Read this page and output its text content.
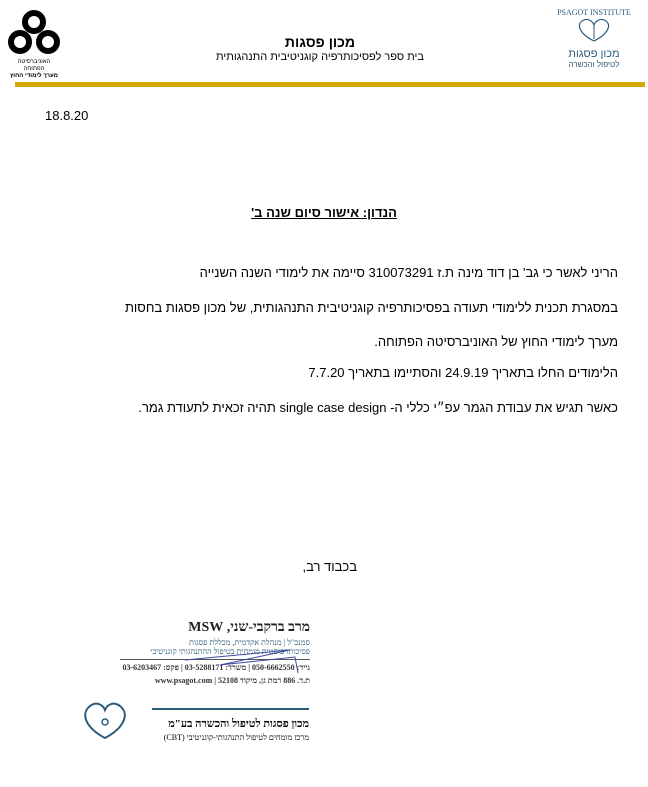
האוניברסיטה הפתוחה
מערך לימודי החוץ
מכון פסגות
בית ספר לפסיכותרפיה קוגניטיבית התנהגותית
PSAGOT INSTITUTE
מכון פסגות
לטיפול והכשרה
18.8.20
הנדון: אישור סיום שנה ב'
הריני לאשר כי גב' בן דוד מינה ת.ז 310073291 סיימה את לימודי השנה השנייה
במסגרת תכנית ללימודי תעודה בפסיכותרפיה קוגניטיבית התנהגותית, של מכון פסגות בחסות
מערך לימודי החוץ של האוניברסיטה הפתוחה.
הלימודים החלו בתאריך 24.9.19 והסתיימו בתאריך 7.7.20
כאשר תגיש את עבודת הגמר עפ״י כללי ה- single case design תהיה זכאית לתעודת גמר.
בכבוד רב,
מרב ברקבי-שני, MSW
סמנכ"ל | מנהלת אקדמית, מכללת פסגות
פסיכותרפיסטית מומחית בטיפול ההתנהגותי קוגניטיבי
נייד: 050-6662550 | משרד: 03-5288171 | פקס: 03-6203467
ת.ד. 886 רמת גן, מיקוד 52108 | www.psagot.com
מכון פסגות לטיפול והכשרה בע"מ
מרכז מומחים לטיפול התנהגותי-קוגניטיבי (CBT)
